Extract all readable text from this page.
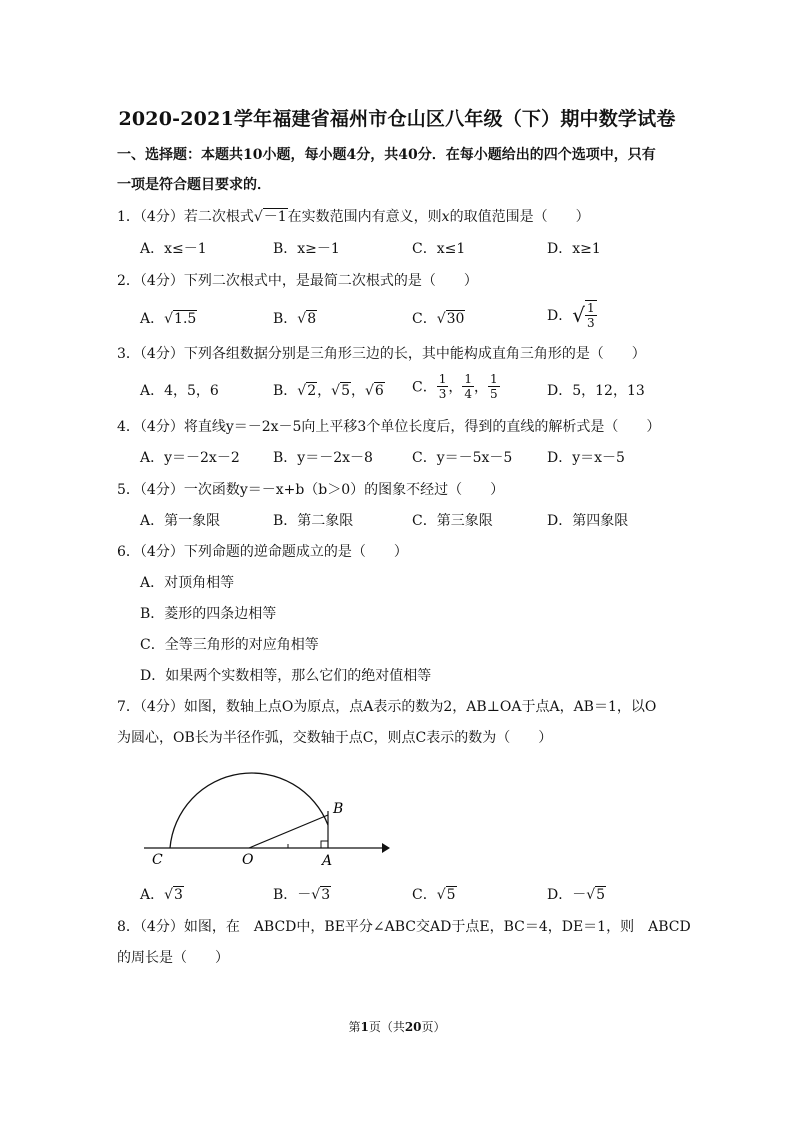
2020-2021学年福建省福州市仓山区八年级（下）期中数学试卷
一、选择题：本题共10小题，每小题4分，共40分．在每小题给出的四个选项中，只有
一项是符合题目要求的．
1．（4分）若二次根式√－1在实数范围内有意义，则x的取值范围是（　　）
A．x≤－1	B．x≥－1	C．x≤1	D．x≥1
2．（4分）下列二次根式中，是最简二次根式的是（　　）
A．√1.5	B．√8	C．√30	D．√ $\frac{1}{3}$
3．（4分）下列各组数据分别是三角形三边的长，其中能构成直角三角形的是（　　）
A．4，5，6	B．√2，√5，√6 C． $\frac{1}{3}$ ， $\frac{1}{4}$ ， $\frac{1}{5}$	D．5，12，13
4．（4分）将直线y＝－2x－5向上平移3个单位长度后，得到的直线的解析式是（　　）
A．y＝－2x－2 B．y＝－2x－8	C．y＝－5x－5 D．y＝x－5
5．（4分）一次函数y＝－x+b（b＞0）的图象不经过（　　）
A．第一象限	B．第二象限	C．第三象限	D．第四象限
6．（4分）下列命题的逆命题成立的是（　　）
A．对顶角相等
B．菱形的四条边相等
C．全等三角形的对应角相等
D．如果两个实数相等，那么它们的绝对值相等
7．（4分）如图，数轴上点O为原点，点A表示的数为2，AB⊥OA于点A，AB＝1，以O
为圆心，OB长为半径作弧，交数轴于点C，则点C表示的数为（　　）
C	O	A
B
A．√3	B．－√3	C．√5	D．－√5
8．（4分）如图，在　ABCD中，BE平分∠ABC交AD于点E，BC＝4，DE＝1，则　ABCD
的周长是（　　）
第1页（共20页）
